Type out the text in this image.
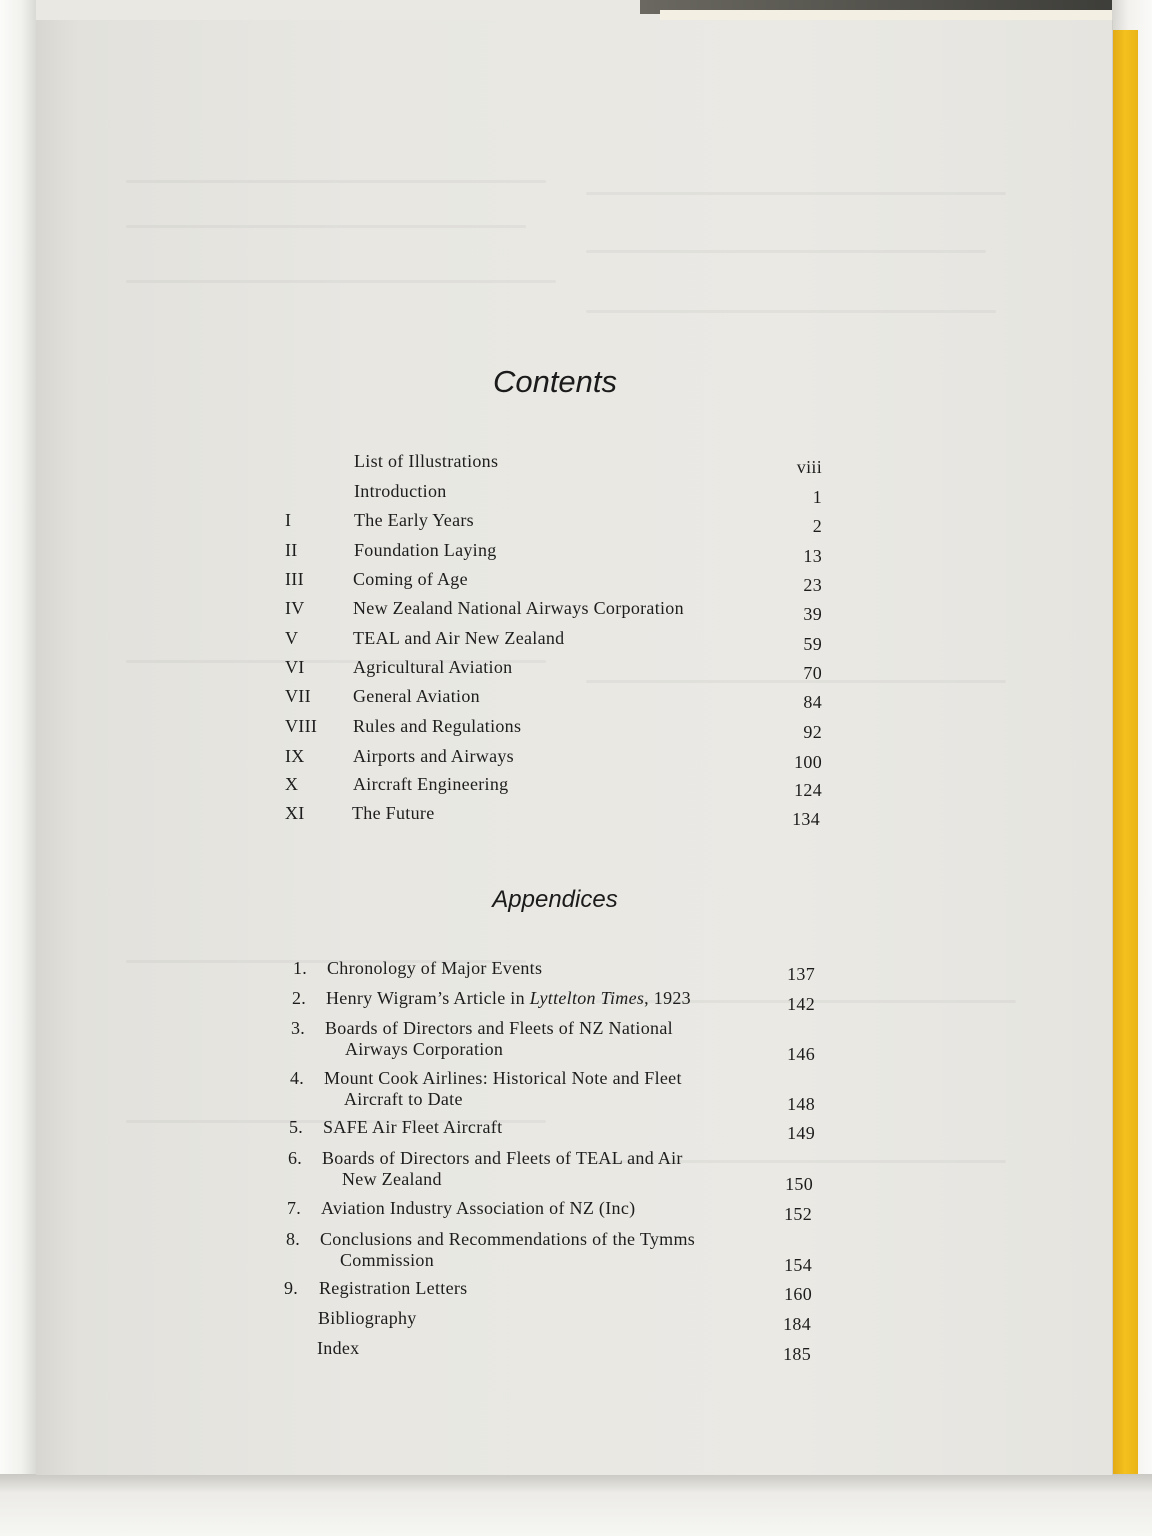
Contents
Appendices
List of Illustrations	viii
Introduction	1
I	The Early Years	2
II	Foundation Laying	13
III	Coming of Age	23
IV	New Zealand National Airways Corporation	39
V	TEAL and Air New Zealand	59
VI	Agricultural Aviation	70
VII General Aviation	84
VIII Rules and Regulations	92
IX	Airports and Airways	100
X	Aircraft Engineering	124
XI	The Future	134
1. Chronology of Major Events	137
2. Henry Wigram’s Article in Lyttelton Times, 1923	142
3. Boards of Directors and Fleets of NZ National
Airways Corporation	146
4. Mount Cook Airlines: Historical Note and Fleet
Aircraft to Date	148
5. SAFE Air Fleet Aircraft	149
6. Boards of Directors and Fleets of TEAL and Air
New Zealand	150
7. Aviation Industry Association of NZ (Inc)	152
8. Conclusions and Recommendations of the Tymms
Commission	154
9. Registration Letters	160
Bibliography	184
Index	185
